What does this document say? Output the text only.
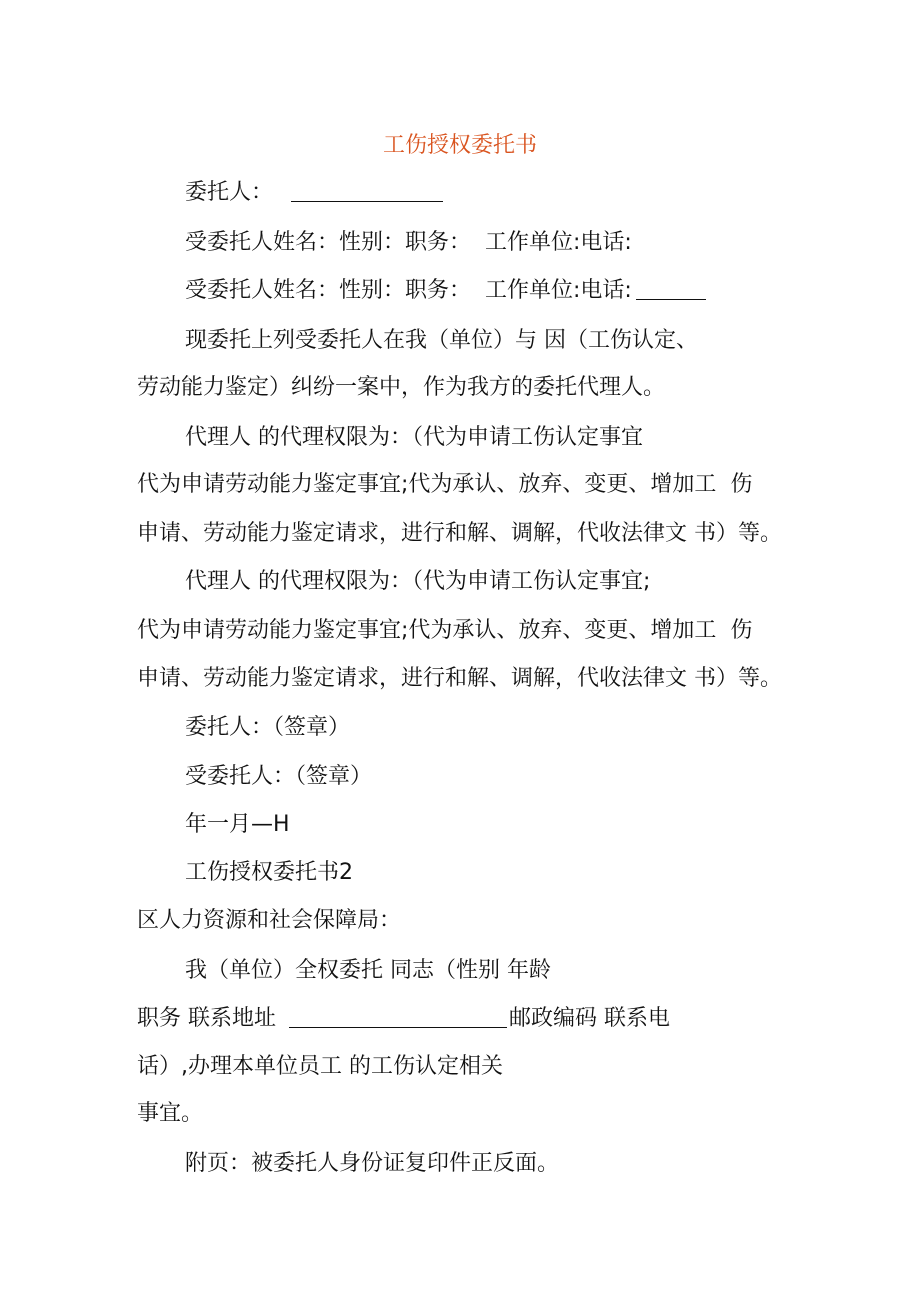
工伤授权委托书
委托人：
受委托人姓名：性别：职务：  工作单位:电话:
受委托人姓名：性别：职务：  工作单位:电话:
现委托上列受委托人在我（单位）与 因（工伤认定、
劳动能力鉴定）纠纷一案中，作为我方的委托代理人。
代理人 的代理权限为：（代为申请工伤认定事宜
代为申请劳动能力鉴定事宜;代为承认、放弃、变更、增加工  伤
申请、劳动能力鉴定请求，进行和解、调解，代收法律文 书）等。
代理人 的代理权限为：（代为申请工伤认定事宜;
代为申请劳动能力鉴定事宜;代为承认、放弃、变更、增加工  伤
申请、劳动能力鉴定请求，进行和解、调解，代收法律文 书）等。
委托人：（签章）
受委托人：（签章）
年一月—H
工伤授权委托书2
区人力资源和社会保障局：
我（单位）全权委托 同志（性别 年龄
职务 联系地址	邮政编码 联系电
话）,办理本单位员工 的工伤认定相关
事宜。
附页：被委托人身份证复印件正反面。
